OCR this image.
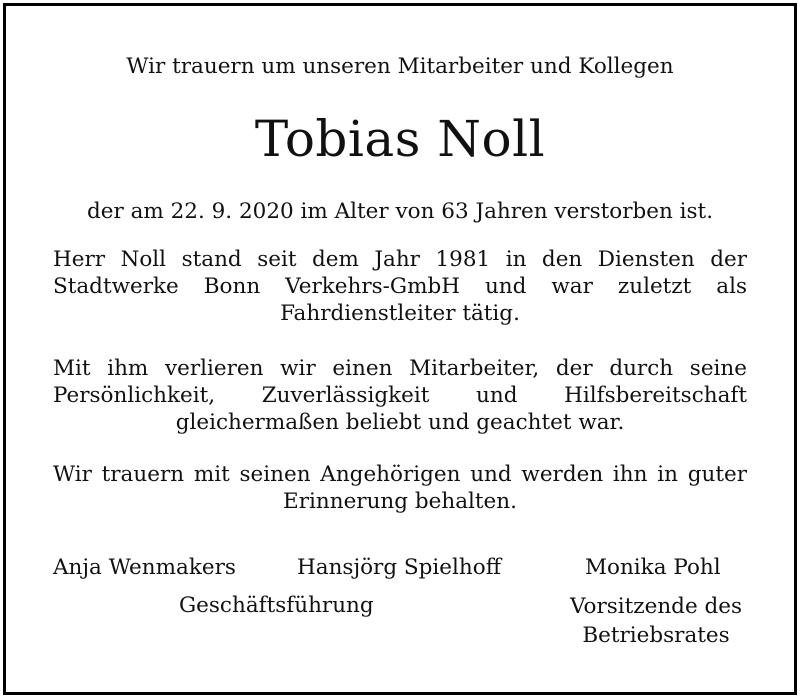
Wir trauern um unseren Mitarbeiter und Kollegen
Tobias Noll
der am 22. 9. 2020 im Alter von 63 Jahren verstorben ist.
Herr Noll stand seit dem Jahr 1981 in den Diensten der Stadtwerke Bonn Verkehrs-GmbH und war zuletzt als Fahrdienstleiter tätig.
Mit ihm verlieren wir einen Mitarbeiter, der durch seine Persönlichkeit, Zuverlässigkeit und Hilfsbereitschaft gleichermaßen beliebt und geachtet war.
Wir trauern mit seinen Angehörigen und werden ihn in guter Erinnerung behalten.
Anja Wenmakers	Hansjörg Spielhoff	Monika Pohl
Geschäftsführung	Vorsitzende des Betriebsrates
